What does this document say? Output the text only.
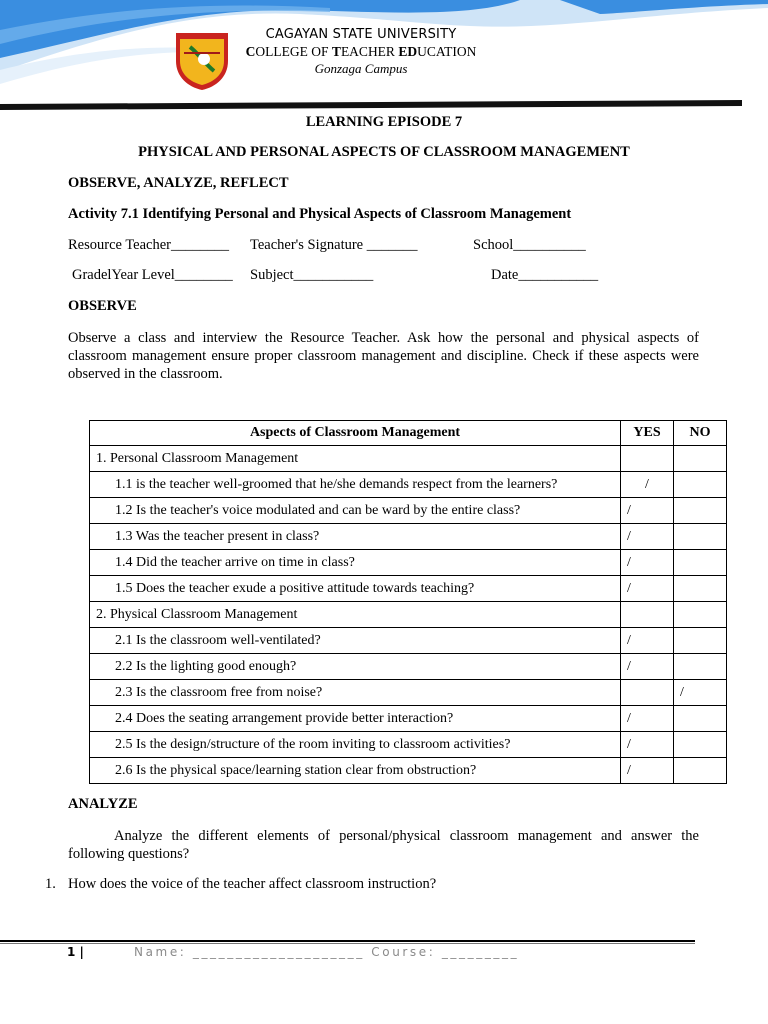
CAGAYAN STATE UNIVERSITY
COLLEGE OF TEACHER EDUCATION
Gonzaga Campus
LEARNING EPISODE 7
PHYSICAL AND PERSONAL ASPECTS OF CLASSROOM MANAGEMENT
OBSERVE, ANALYZE, REFLECT
Activity 7.1 Identifying Personal and Physical Aspects of Classroom Management
Resource Teacher________ Teacher's Signature _______	School__________
GradelYear Level________ Subject___________	Date___________
OBSERVE
Observe a class and interview the Resource Teacher. Ask how the personal and physical aspects of classroom management ensure proper classroom management and discipline. Check if these aspects were observed in the classroom.
Aspects of Classroom Management	YES	NO
1. Personal Classroom Management		
1.1 is the teacher well-groomed that he/she demands respect from the learners?	/	
1.2 Is the teacher's voice modulated and can be ward by the entire class?	/	
1.3 Was the teacher present in class?	/	
1.4 Did the teacher arrive on time in class?	/	
1.5 Does the teacher exude a positive attitude towards teaching?	/	
2. Physical Classroom Management		
2.1 Is the classroom well-ventilated?	/	
2.2 Is the lighting good enough?	/	
2.3 Is the classroom free from noise?		/
2.4 Does the seating arrangement provide better interaction?	/	
2.5 Is the design/structure of the room inviting to classroom activities?	/	
2.6 Is the physical space/learning station clear from obstruction?	/	
ANALYZE
Analyze the different elements of personal/physical classroom management and answer the following questions?
1. How does the voice of the teacher affect classroom instruction?
1 |	Name: ____________________ Course: _________
